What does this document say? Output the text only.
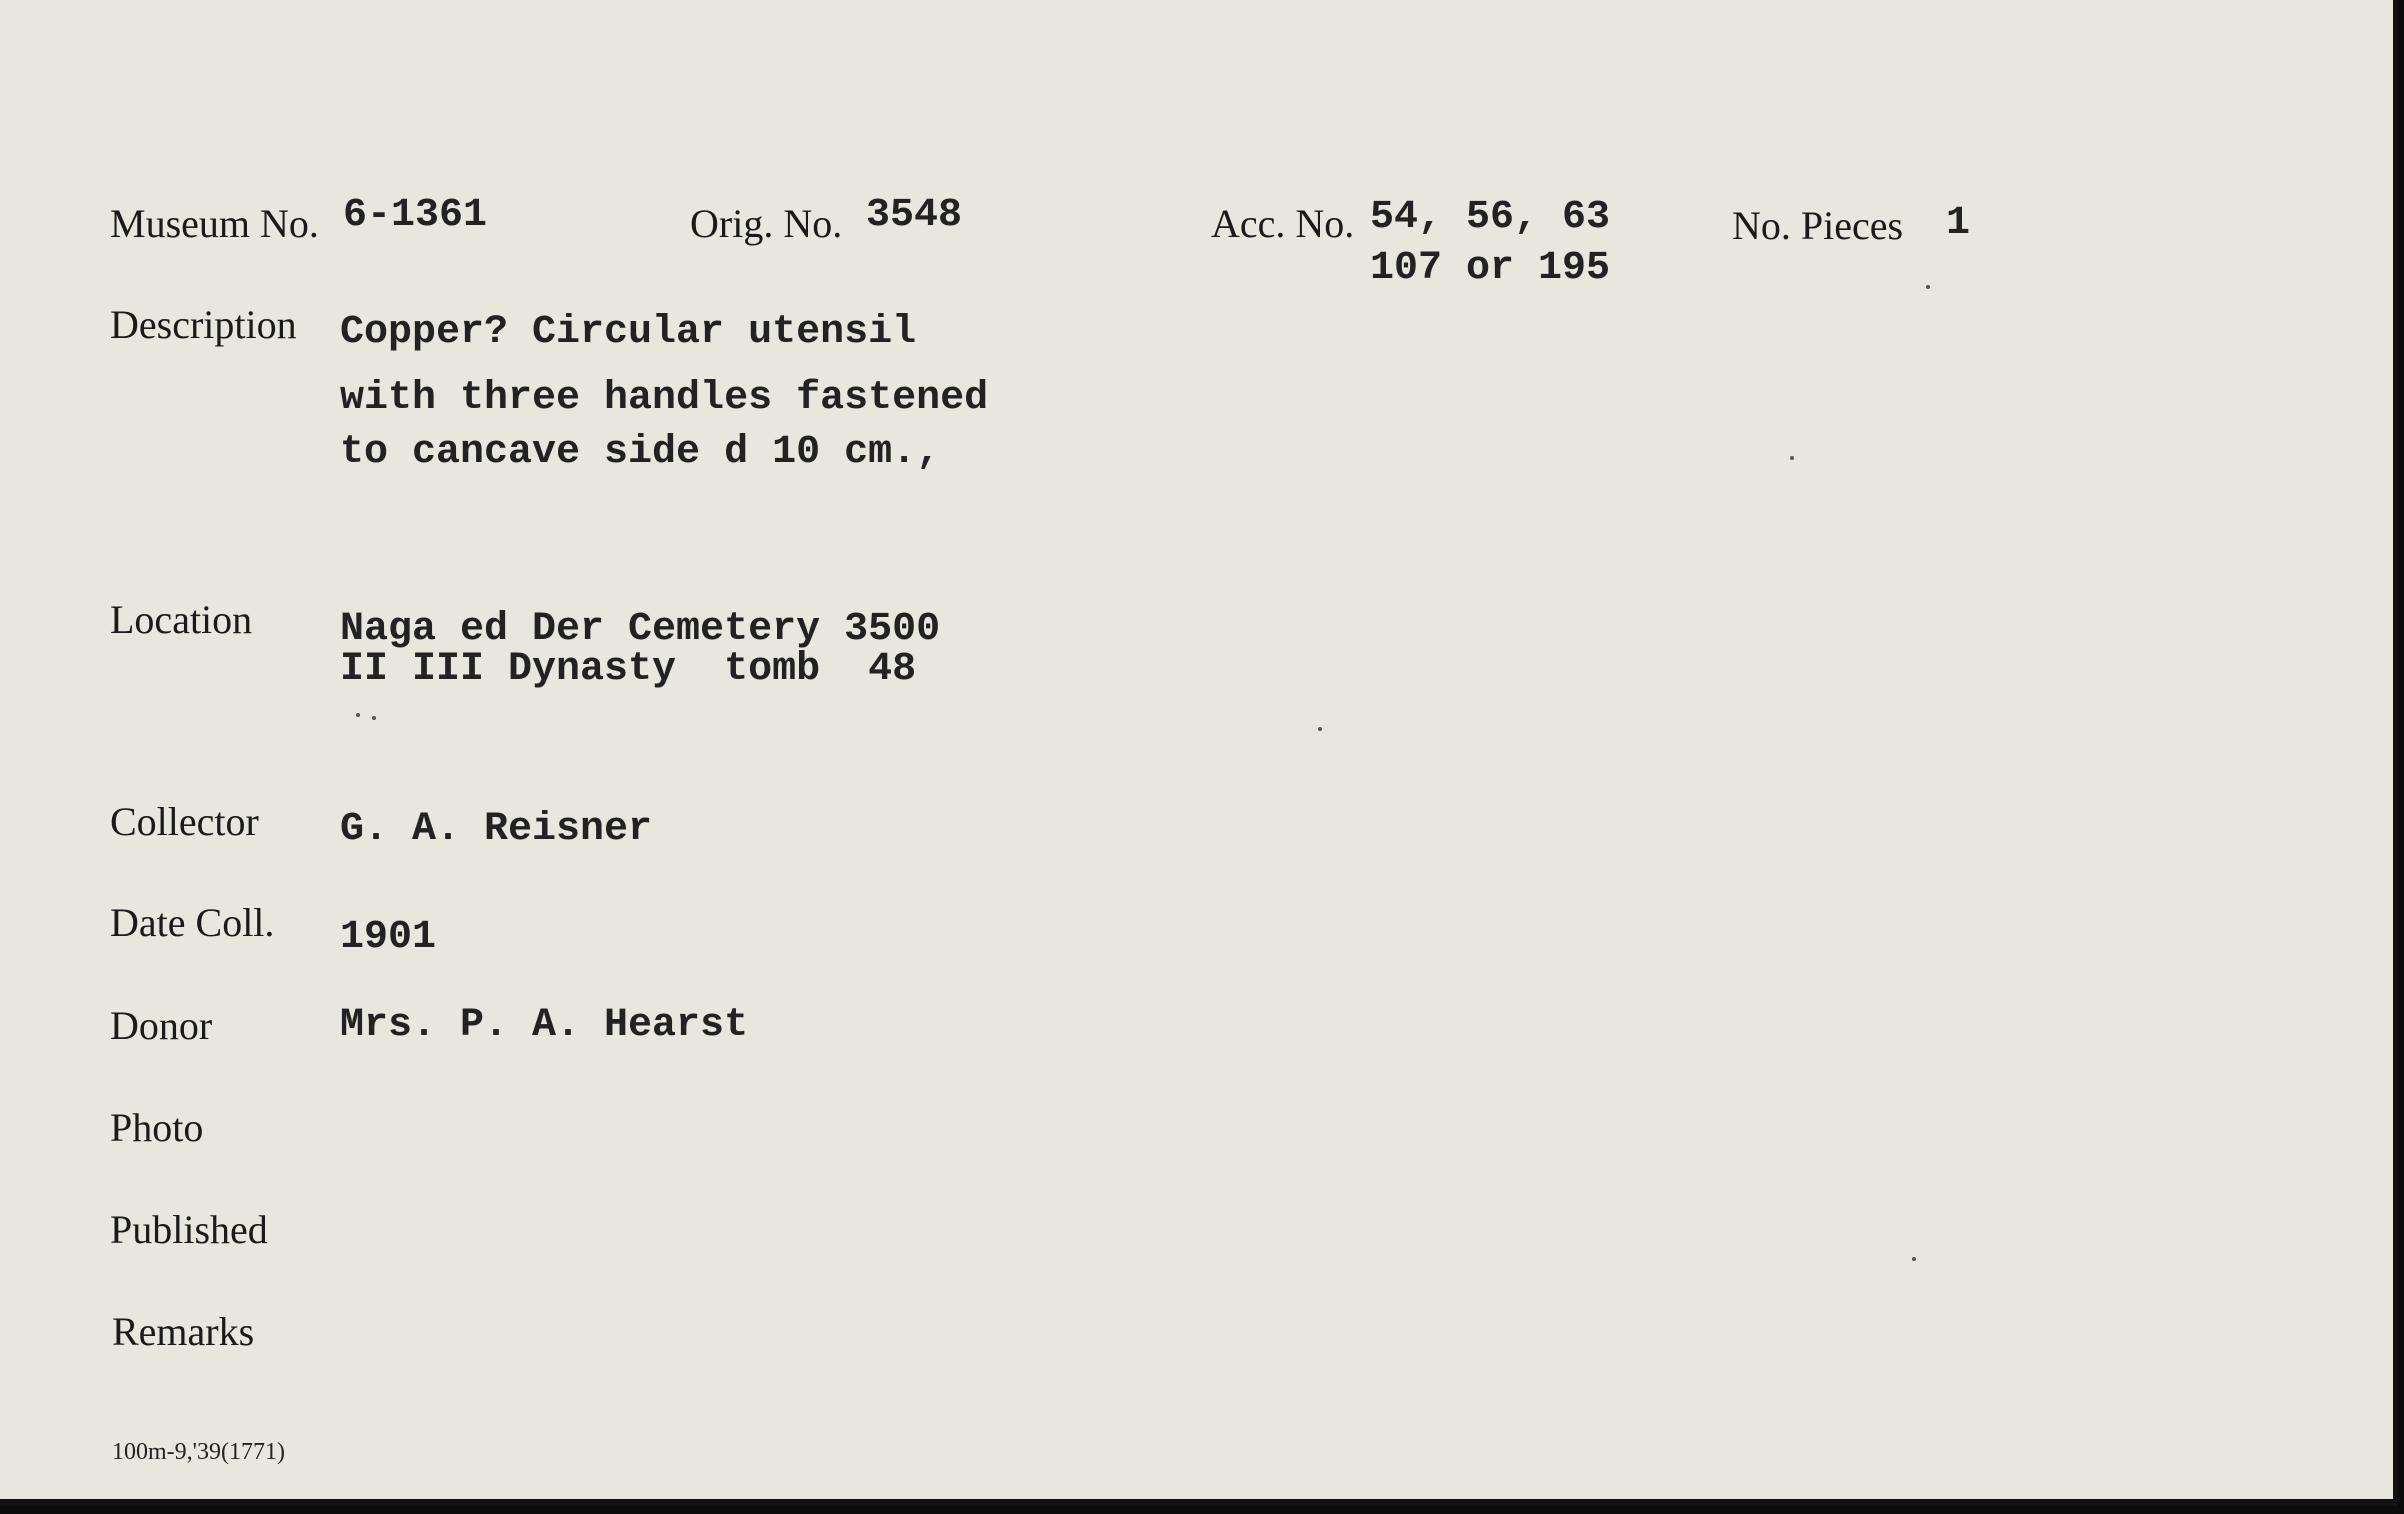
Museum No. 6-1361	Orig. No. 3548	Acc. No. 54, 56, 63
107 or 195
No. Pieces 1
Description Copper? Circular utensil
with three handles fastened
to cancave side d 10 cm.,
Location Naga ed Der Cemetery 3500
II III Dynasty  tomb  48
Collector G. A. Reisner
Date Coll. 1901
Donor	Mrs. P. A. Hearst
Photo
Published
Remarks
100m-9,'39(1771)
